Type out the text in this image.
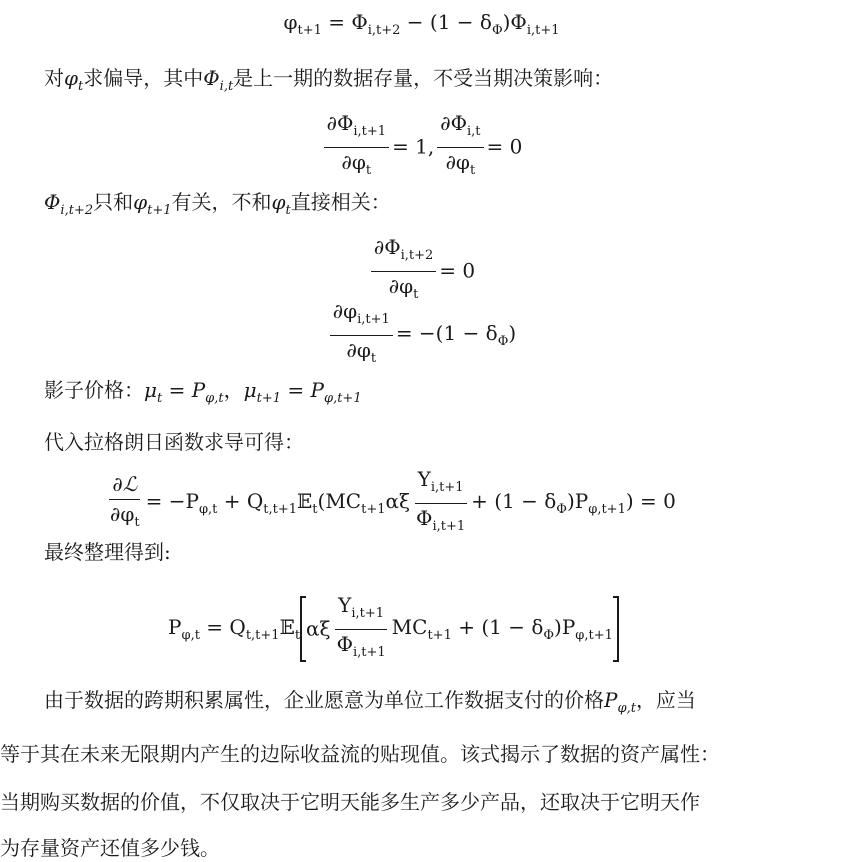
$\varphi_{t+1} = \Phi_{i,t+2} - (1 - \delta_\Phi)\Phi_{i,t+1}$
对$\varphi_t$求偏导，其中$\Phi_{i,t}$是上一期的数据存量，不受当期决策影响：
$\frac{\partial\Phi_{i,t+1}}{\partial\varphi_t} = 1$, $\frac{\partial\Phi_{i,t}}{\partial\varphi_t} = 0$
$\Phi_{i,t+2}$只和$\varphi_{t+1}$有关，不和$\varphi_t$直接相关：
$\frac{\partial\Phi_{i,t+2}}{\partial\varphi_t} = 0$
$\frac{\partial\varphi_{i,t+1}}{\partial\varphi_t} = -(1 - \delta_\Phi)$
影子价格：$\mu_t = P_{\varphi,t}$，$\mu_{t+1} = P_{\varphi,t+1}$
代入拉格朗日函数求导可得：
$\frac{\text{∂ℒ}}{\partial\varphi_t} = -P_{\varphi,t}$ + $Q_{t,t+1}𝔼_t(MC_{t+1}\alpha\xi \frac{Y_{i,t+1}}{\Phi_{i,t+1}} + (1 - \delta_\Phi)P_{\varphi,t+1}) = 0$
最终整理得到:
$P_{\varphi,t}$ = $Q_{t,t+1}𝔼_t$ αξ $\frac{Y_{i,t+1}}{\Phi_{i,t+1}} MC_{t+1} + (1 - \delta_\Phi)P_{\varphi,t+1}$
由于数据的跨期积累属性，企业愿意为单位工作数据支付的价格$P_{\varphi,t}$，应当
等于其在未来无限期内产生的边际收益流的贴现值。该式揭示了数据的资产属性：
当期购买数据的价值，不仅取决于它明天能多生产多少产品，还取决于它明天作
为存量资产还值多少钱。
